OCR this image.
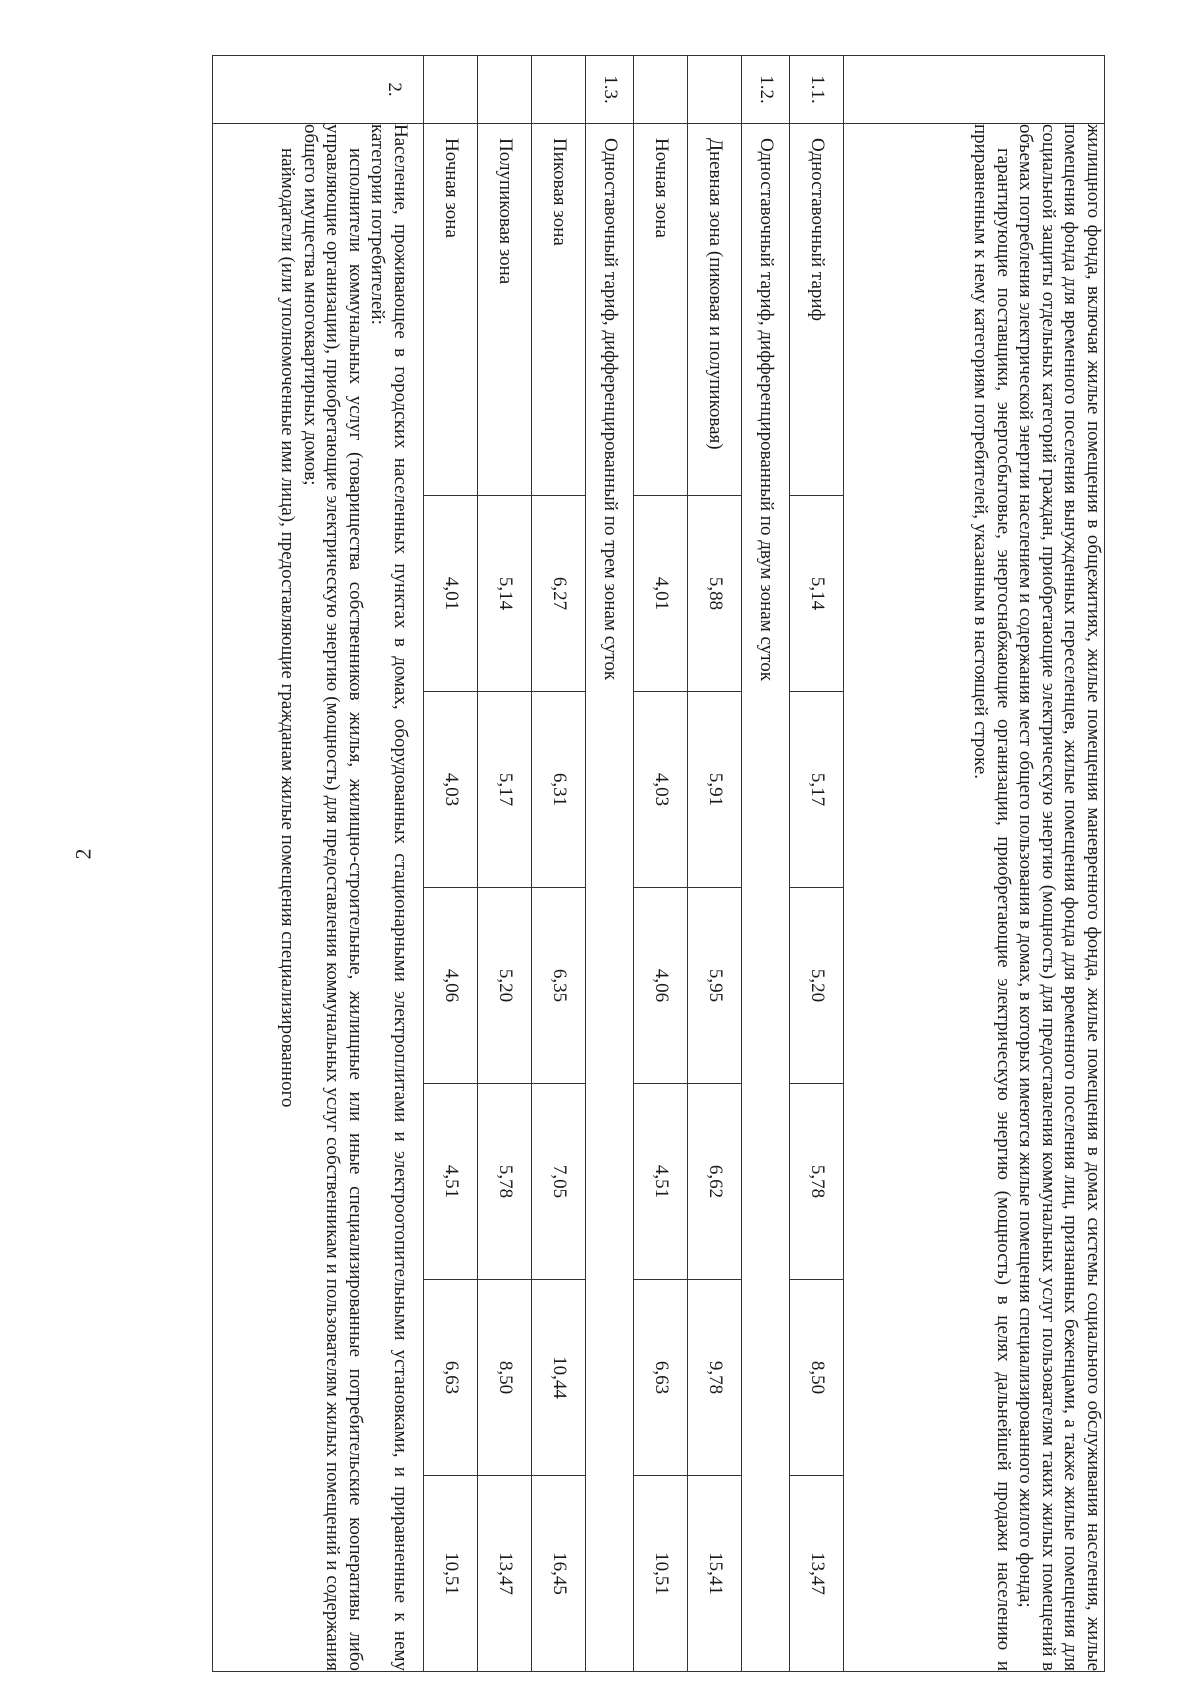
2

	жилищного фонда, включая жилые помещения в общежитиях, жилые помещения маневренного фонда, жилые помещения в домах системы социального обслуживания населения, жилые помещения фонда для временного поселения вынужденных переселенцев, жилые помещения фонда для временного поселения лиц, признанных беженцами, а также жилые помещения для социальной защиты отдельных категорий граждан, приобретающие электрическую энергию (мощность) для предоставления коммунальных услуг пользователям таких жилых помещений в объемах потребления электрической энергии населением и содержания мест общего пользования в домах, в которых имеются жилые помещения специализированного жилого фонда;

гарантирующие поставщики, энергосбытовые, энергоснабжающие организации, приобретающие электрическую энергию (мощность) в целях дальнейшей продажи населению и приравненным к нему категориям потребителей, указанным в настоящей строке.						

1.1.	Одноставочный тариф	5,14	5,17	5,20	5,78	8,50	13,47
1.2.	Одноставочный тариф, дифференцированный по двум зонам суток						
	Дневная зона (пиковая и полупиковая)	5,88	5,91	5,95	6,62	9,78	15,41
	Ночная зона	4,01	4,03	4,06	4,51	6,63	10,51
1.3.	Одноставочный тариф, дифференцированный по трем зонам суток						
	Пиковая зона	6,27	6,31	6,35	7,05	10,44	16,45
	Полупиковая зона	5,14	5,17	5,20	5,78	8,50	13,47
	Ночная зона	4,01	4,03	4,06	4,51	6,63	10,51
2.	Население, проживающее в городских населенных пунктах в домах, оборудованных стационарными электроплитами и электроотопительными установками, и приравненные к нему категории потребителей:

исполнители коммунальных услуг (товарищества собственников жилья, жилищно-строительные, жилищные или иные специализированные потребительские кооперативы либо управляющие организации), приобретающие электрическую энергию (мощность) для предоставления коммунальных услуг собственникам и пользователям жилых помещений и содержания общего имущества многоквартирных домов;

наймодатели (или уполномоченные ими лица), предоставляющие гражданам жилые помещения специализированного						
